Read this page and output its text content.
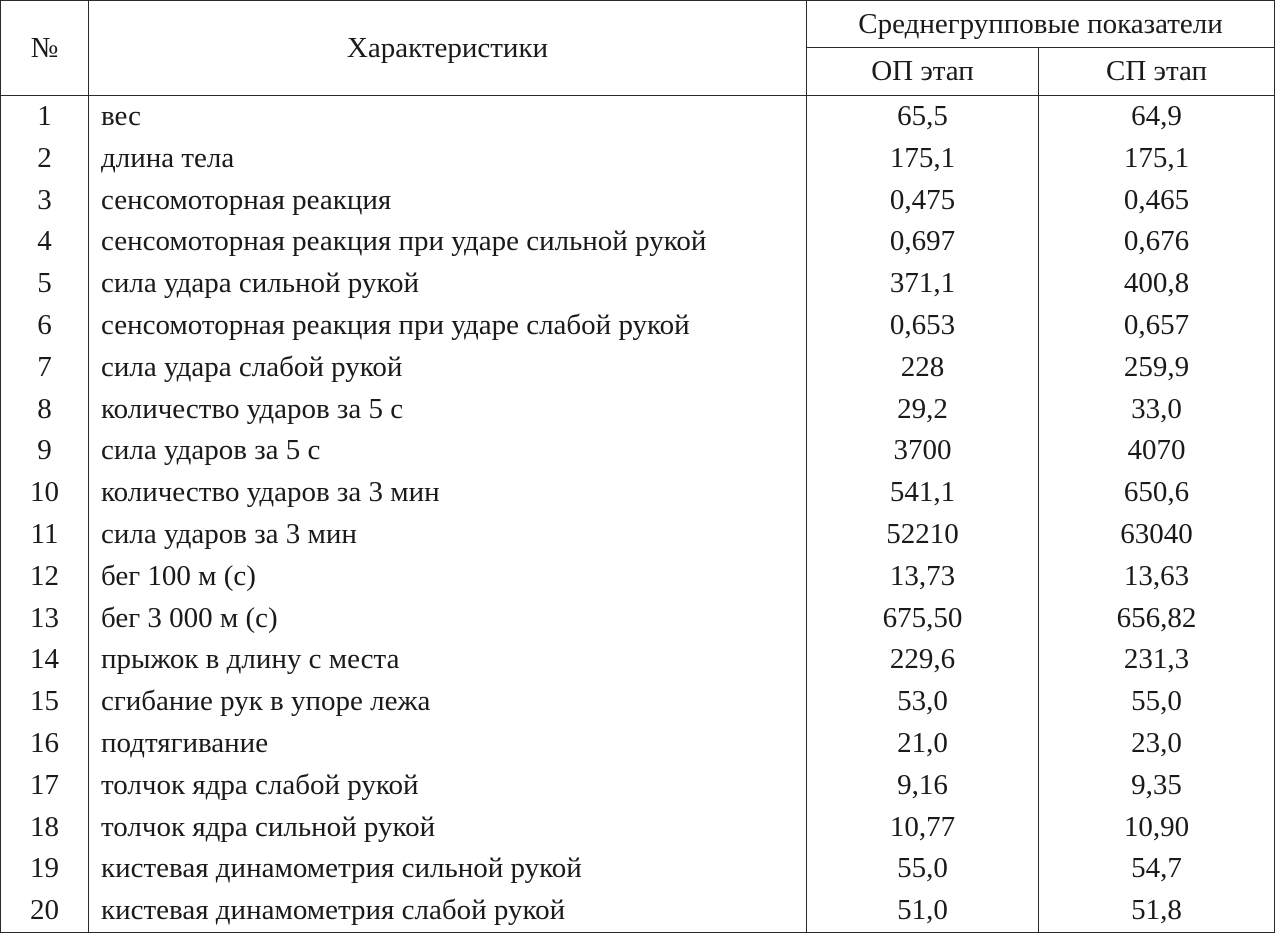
№	Характеристики	Среднегрупповые показатели	
		ОП этап	СП этап
1	вес	65,5	64,9
2	длина тела	175,1	175,1
3	сенсомоторная реакция	0,475	0,465
4	сенсомоторная реакция при ударе сильной рукой	0,697	0,676
5	сила удара сильной рукой	371,1	400,8
6	сенсомоторная реакция при ударе слабой рукой	0,653	0,657
7	сила удара слабой рукой	228	259,9
8	количество ударов за 5 с	29,2	33,0
9	сила ударов за 5 с	3700	4070
10	количество ударов за 3 мин	541,1	650,6
11	сила ударов за 3 мин	52210	63040
12	бег 100 м (с)	13,73	13,63
13	бег 3 000 м (с)	675,50	656,82
14	прыжок в длину с места	229,6	231,3
15	сгибание рук в упоре лежа	53,0	55,0
16	подтягивание	21,0	23,0
17	толчок ядра слабой рукой	9,16	9,35
18	толчок ядра сильной рукой	10,77	10,90
19	кистевая динамометрия сильной рукой	55,0	54,7
20	кистевая динамометрия слабой рукой	51,0	51,8
